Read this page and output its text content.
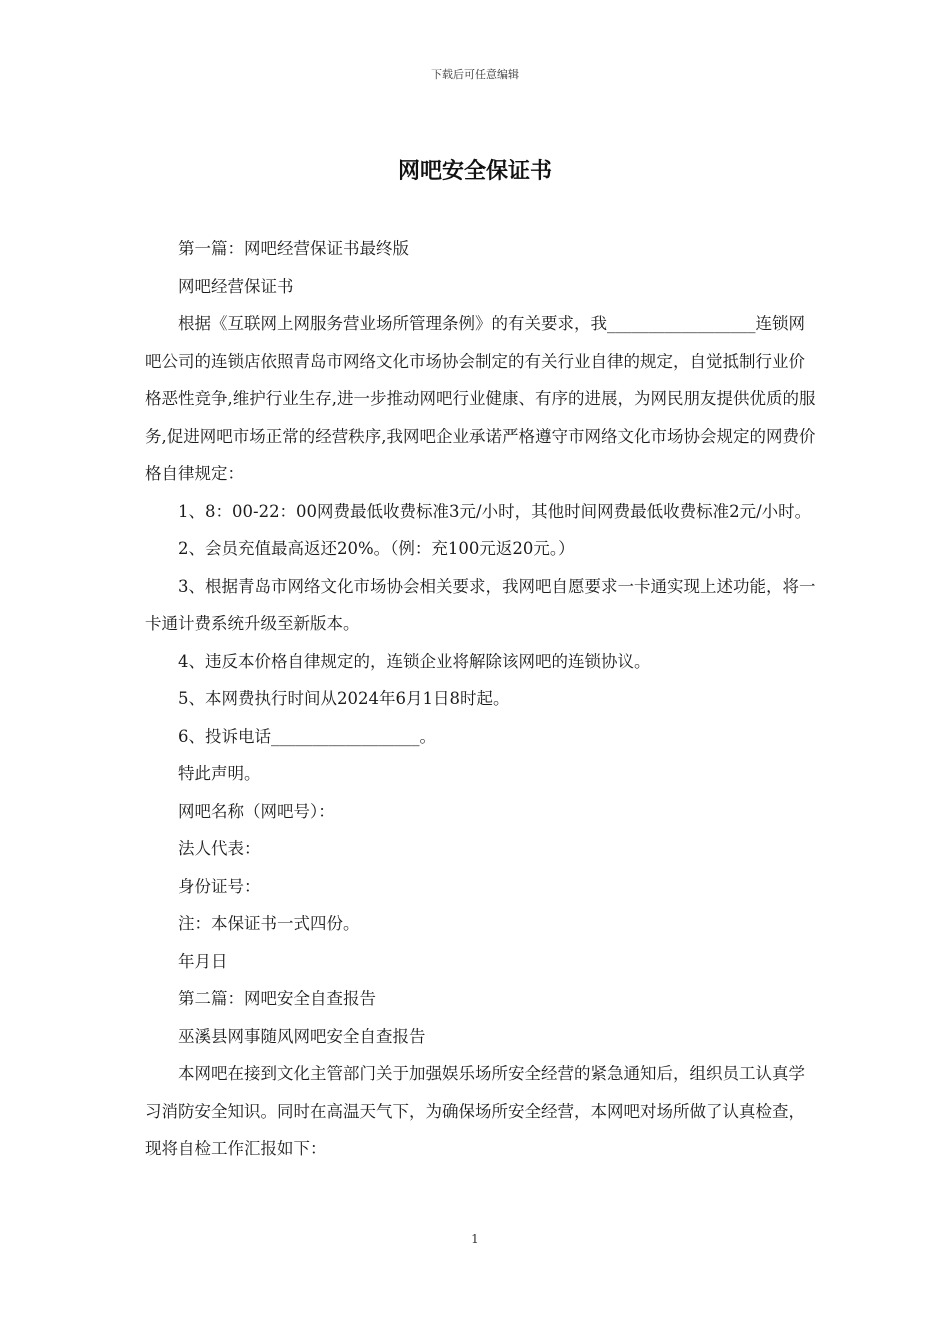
下载后可任意编辑
网吧安全保证书

第一篇：网吧经营保证书最终版

网吧经营保证书

根据《互联网上网服务营业场所管理条例》的有关要求，我__________________连锁网吧公司的连锁店依照青岛市网络文化市场协会制定的有关行业自律的规定，自觉抵制行业价格恶性竞争,维护行业生存,进一步推动网吧行业健康、有序的进展，为网民朋友提供优质的服务,促进网吧市场正常的经营秩序,我网吧企业承诺严格遵守市网络文化市场协会规定的网费价格自律规定：

1、8：00-22：00网费最低收费标准3元/小时，其他时间网费最低收费标准2元/小时。

2、会员充值最高返还20%。（例：充100元返20元。）

3、根据青岛市网络文化市场协会相关要求，我网吧自愿要求一卡通实现上述功能，将一卡通计费系统升级至新版本。

4、违反本价格自律规定的，连锁企业将解除该网吧的连锁协议。

5、本网费执行时间从2024年6月1日8时起。

6、投诉电话__________________。

特此声明。

网吧名称（网吧号）：

法人代表：

身份证号：

注：本保证书一式四份。

年月日

第二篇：网吧安全自查报告

巫溪县网事随风网吧安全自查报告

本网吧在接到文化主管部门关于加强娱乐场所安全经营的紧急通知后，组织员工认真学习消防安全知识。同时在高温天气下，为确保场所安全经营，本网吧对场所做了认真检查，现将自检工作汇报如下：

1
